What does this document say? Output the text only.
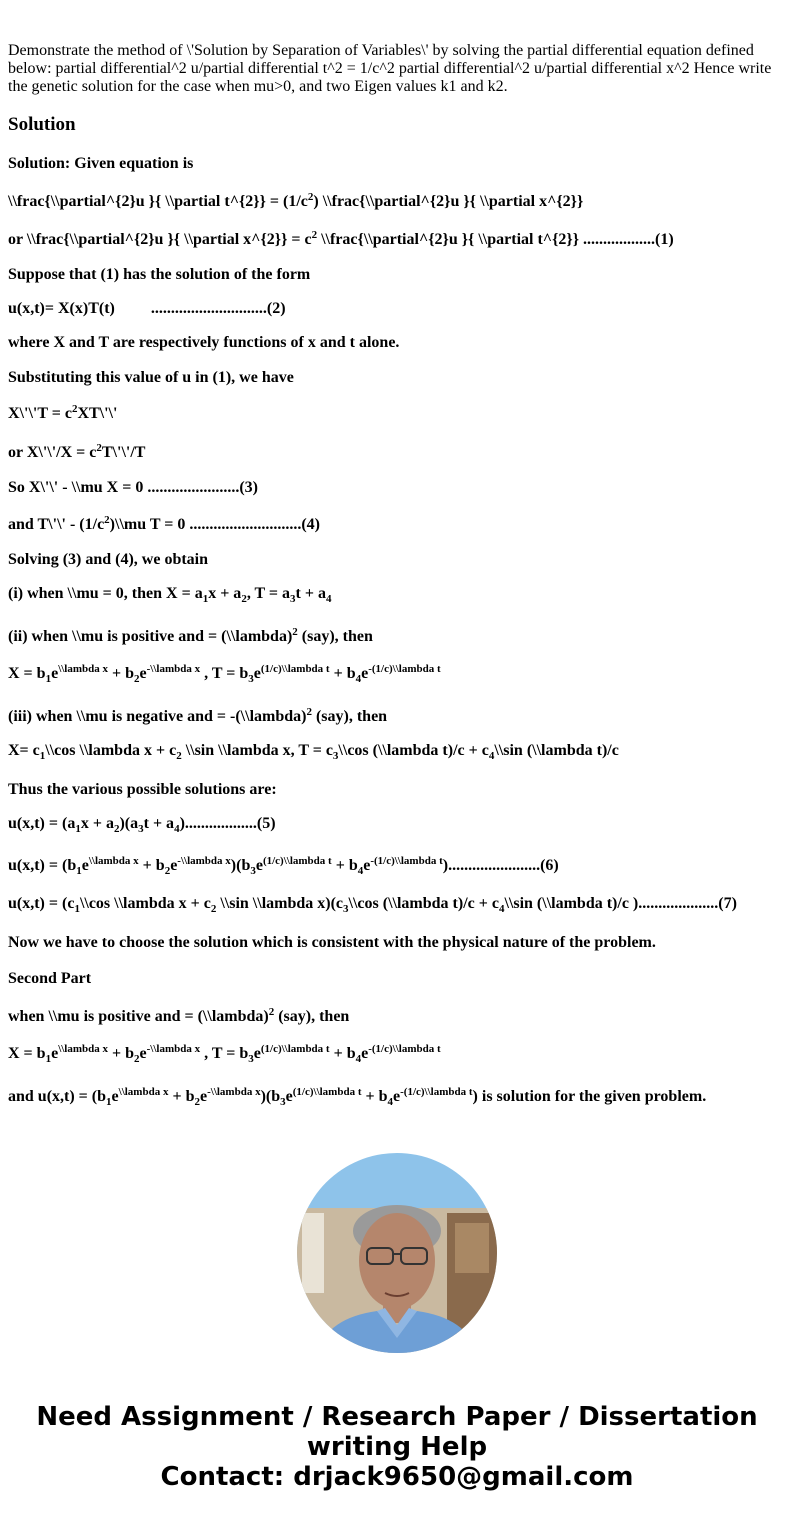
Demonstrate the method of \'Solution by Separation of Variables\' by solving the partial differential equation defined below: partial differential^2 u/partial differential t^2 = 1/c^2 partial differential^2 u/partial differential x^2 Hence write the genetic solution for the case when mu>0, and two Eigen values k1 and k2.
Solution
Solution: Given equation is
\\frac{\\partial^{2}u }{ \\partial t^{2}} = $(1/c^2)$ \\frac{\\partial^{2}u }{ \\partial x^{2}}
or \\frac{\\partial^{2}u }{ \\partial x^{2}} = $c^2$ \\frac{\\partial^{2}u }{ \\partial t^{2}} ..................(1)
Suppose that (1) has the solution of the form
u(x,t)= X(x)T(t)         .............................(2)
where X and T are respectively functions of x and t alone.
Substituting this value of u in (1), we have
X\'\'T = $c^2XT\backslash'\backslash'$
or X\'\'/X = $c^2T\backslash'\backslash'/T$
So X\'\' - \\mu X = 0 .......................(3)
and T\'\' - $(1/c^2)\backslash\backslash mu$ T = 0 ............................(4)
Solving (3) and (4), we obtain
(i) when \\mu = 0, then $X = a_1x + a_2$, $T = a_3t + a_4$
(ii) when \\mu is positive and = (\\lambda)$^2$ (say), then
$X = b_1e^{\backslash\backslash lambda x} + b_2e^{-\backslash\backslash lambda x}$ , $T = b_3e^{(1/c)\backslash\backslash lambda t} + b_4e^{-(1/c)\backslash\backslash lambda t}$
(iii) when \\mu is negative and = -(\\lambda)$^2$ (say), then
$X= c_1\backslash\backslash\cos$ \\lambda $x + c_2$ \\sin \\lambda x, $T = c_3\backslash\backslash\cos$ (\\lambda $t)/c + c_4\backslash\backslash\sin$ (\\lambda t)/c
Thus the various possible solutions are:
$u(x,t) = (a_1x + a_2)(a_3t + a_4)..................(5)$
$u(x,t) = (b_1e^{\backslash\backslash lambda x} + b_2e^{-\backslash\backslash lambda x})(b_3e^{(1/c)\backslash\backslash lambda t} + b_4e^{-(1/c)\backslash\backslash lambda t}).......................(6)$
$u(x,t) = (c_1\backslash\backslash\cos$ \\lambda $x + c_2$ \\sin \\lambda $x)(c_3\backslash\backslash\cos$ (\\lambda $t)/c + c_4\backslash\backslash\sin$ (\\lambda t)/c )....................(7)
Now we have to choose the solution which is consistent with the physical nature of the problem.
Second Part
when \\mu is positive and = (\\lambda)$^2$ (say), then
$X = b_1e^{\backslash\backslash lambda x} + b_2e^{-\backslash\backslash lambda x}$ , $T = b_3e^{(1/c)\backslash\backslash lambda t} + b_4e^{-(1/c)\backslash\backslash lambda t}$
and $u(x,t) = (b_1e^{\backslash\backslash lambda x} + b_2e^{-\backslash\backslash lambda x})(b_3e^{(1/c)\backslash\backslash lambda t} + b_4e^{-(1/c)\backslash\backslash lambda t})$ is solution for the given problem.
Need Assignment / Research Paper / Dissertation
writing Help
Contact: drjack9650@gmail.com
